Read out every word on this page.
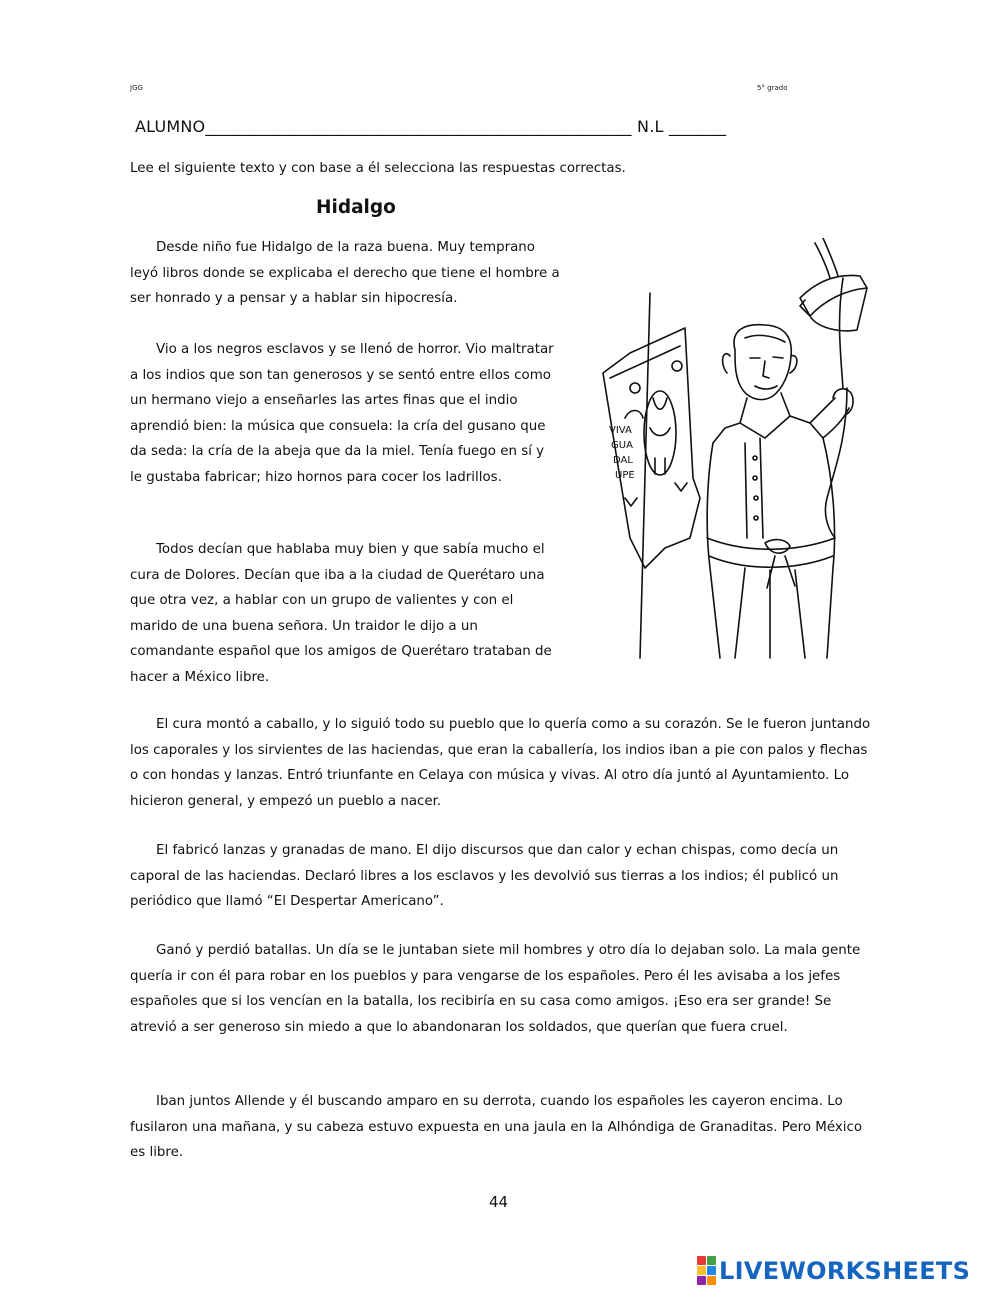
JGG	5° grado
ALUMNO____________________________________________________ N.L _______
Lee el siguiente texto y con base a él selecciona las respuestas correctas.
Hidalgo

Desde niño fue Hidalgo de la raza buena. Muy temprano leyó libros donde se explicaba el derecho que tiene el hombre a ser honrado y a pensar y a hablar sin hipocresía.

Vio a los negros esclavos y se llenó de horror. Vio maltratar a los indios que son tan generosos y se sentó entre ellos como un hermano viejo a enseñarles las artes finas que el indio aprendió bien: la música que consuela: la cría del gusano que da seda: la cría de la abeja que da la miel. Tenía fuego en sí y le gustaba fabricar; hizo hornos para cocer los ladrillos.

Todos decían que hablaba muy bien y que sabía mucho el cura de Dolores. Decían que iba a la ciudad de Querétaro una que otra vez, a hablar con un grupo de valientes y con el marido de una buena señora. Un traidor le dijo a un comandante español que los amigos de Querétaro trataban de hacer a México libre.

El cura montó a caballo, y lo siguió todo su pueblo que lo quería como a su corazón. Se le fueron juntando los caporales y los sirvientes de las haciendas, que eran la caballería, los indios iban a pie con palos y flechas o con hondas y lanzas. Entró triunfante en Celaya con música y vivas. Al otro día juntó al Ayuntamiento. Lo hicieron general, y empezó un pueblo a nacer.

El fabricó lanzas y granadas de mano. El dijo discursos que dan calor y echan chispas, como decía un caporal de las haciendas. Declaró libres a los esclavos y les devolvió sus tierras a los indios; él publicó un periódico que llamó “El Despertar Americano”.

Ganó y perdió batallas. Un día se le juntaban siete mil hombres y otro día lo dejaban solo. La mala gente quería ir con él para robar en los pueblos y para vengarse de los españoles. Pero él les avisaba a los jefes españoles que si los vencían en la batalla, los recibiría en su casa como amigos. ¡Eso era ser grande! Se atrevió a ser generoso sin miedo a que lo abandonaran los soldados, que querían que fuera cruel.

Iban juntos Allende y él buscando amparo en su derrota, cuando los españoles les cayeron encima. Lo fusilaron una mañana, y su cabeza estuvo expuesta en una jaula en la Alhóndiga de Granaditas. Pero México es libre.

VIVA
GUA
DAL
UPE
44
LIVEWORKSHEETS
